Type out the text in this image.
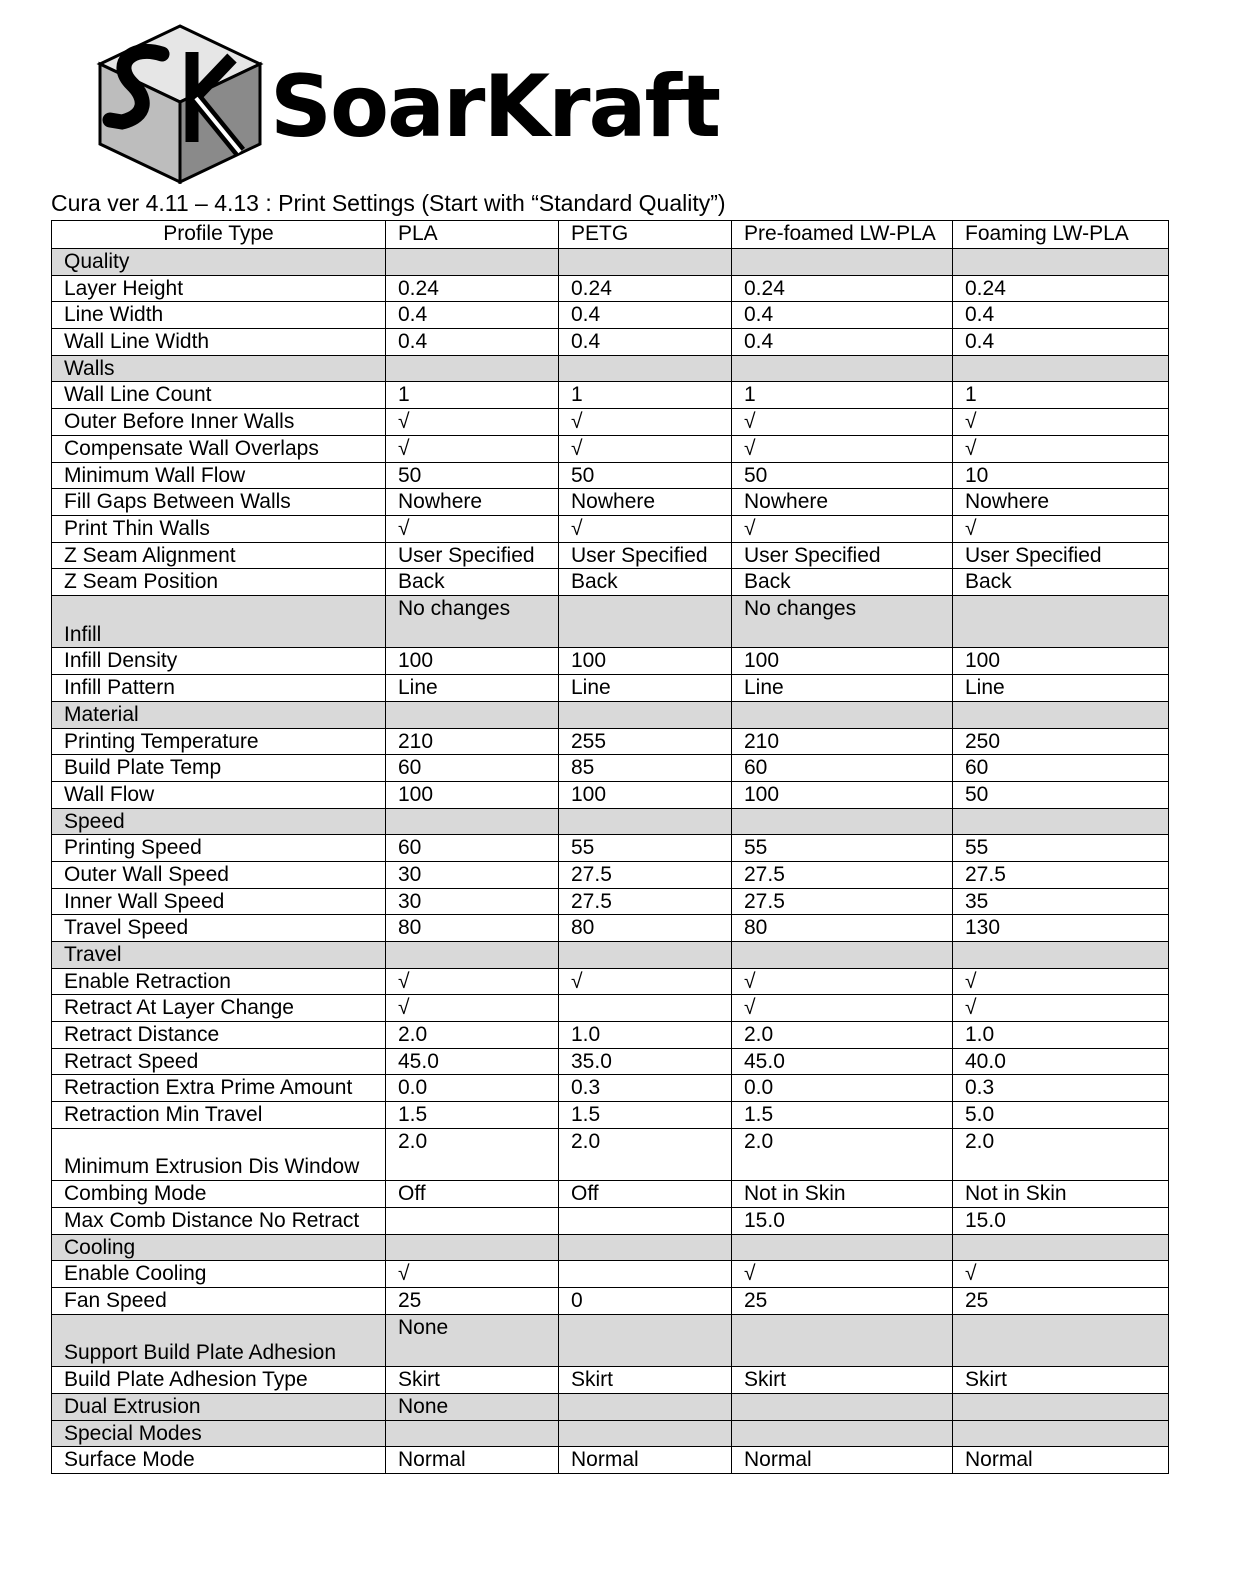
SoarKraft
Cura ver 4.11 – 4.13 : Print Settings (Start with “Standard Quality”)
Profile Type	PLA	PETG	Pre-foamed LW-PLA	Foaming LW-PLA
Quality				
Layer Height	0.24	0.24	0.24	0.24
Line Width	0.4	0.4	0.4	0.4
Wall Line Width	0.4	0.4	0.4	0.4
Walls				
Wall Line Count	1	1	1	1
Outer Before Inner Walls	√	√	√	√
Compensate Wall Overlaps	√	√	√	√
Minimum Wall Flow	50	50	50	10
Fill Gaps Between Walls	Nowhere	Nowhere	Nowhere	Nowhere
Print Thin Walls	√	√	√	√
Z Seam Alignment	User Specified	User Specified	User Specified	User Specified
Z Seam Position	Back	Back	Back	Back
Infill	No changes		No changes	
Infill Density	100	100	100	100
Infill Pattern	Line	Line	Line	Line
Material				
Printing Temperature	210	255	210	250
Build Plate Temp	60	85	60	60
Wall Flow	100	100	100	50
Speed				
Printing Speed	60	55	55	55
Outer Wall Speed	30	27.5	27.5	27.5
Inner Wall Speed	30	27.5	27.5	35
Travel Speed	80	80	80	130
Travel				
Enable Retraction	√	√	√	√
Retract At Layer Change	√		√	√
Retract Distance	2.0	1.0	2.0	1.0
Retract Speed	45.0	35.0	45.0	40.0
Retraction Extra Prime Amount	0.0	0.3	0.0	0.3
Retraction Min Travel	1.5	1.5	1.5	5.0
Minimum Extrusion Dis Window	2.0	2.0	2.0	2.0
Combing Mode	Off	Off	Not in Skin	Not in Skin
Max Comb Distance No Retract			15.0	15.0
Cooling				
Enable Cooling	√		√	√
Fan Speed	25	0	25	25
Support Build Plate Adhesion	None			
Build Plate Adhesion Type	Skirt	Skirt	Skirt	Skirt
Dual Extrusion	None			
Special Modes				
Surface Mode	Normal	Normal	Normal	Normal
